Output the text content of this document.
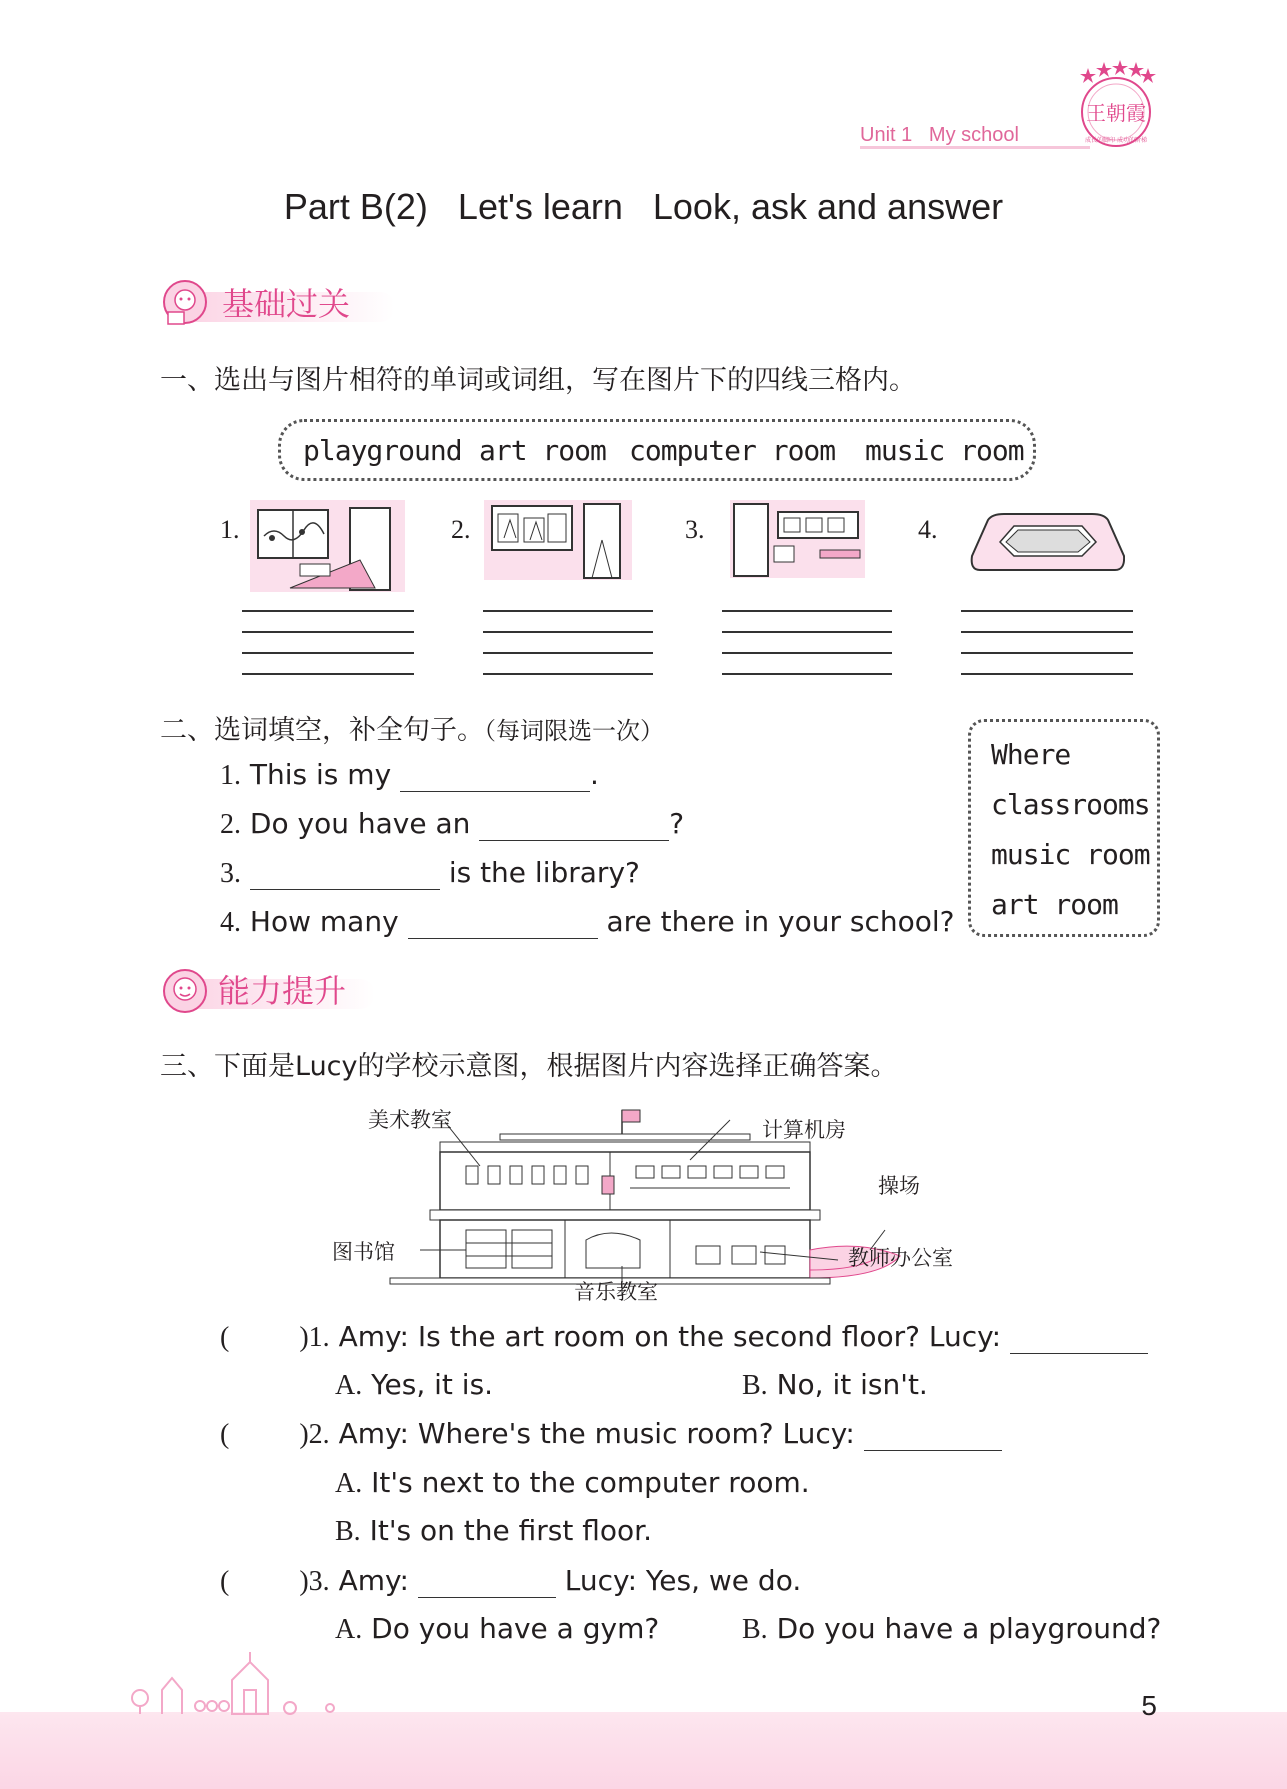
Unit 1 My school
王朝霞
成长的脚印 成功的阶梯
Part B(2)   Let's learn   Look, ask and answer
基础过关
一、选出与图片相符的单词或词组，写在图片下的四线三格内。
playground art room computer room music room
1.	2.	3.	4.
二、选词填空，补全句子。（每词限选一次）
1. This is my	.
2. Do you have an	?
3.	is the library?
4. How many	are there in your school?
Where
classrooms
music room
art room
能力提升
三、下面是Lucy的学校示意图，根据图片内容选择正确答案。
美术教室	计算机房
操场
图书馆	教师办公室
音乐教室
(	)1. Amy: Is the art room on the second floor? Lucy:
A. Yes, it is.	B. No, it isn't.
(	)2. Amy: Where's the music room? Lucy:
A. It's next to the computer room.
B. It's on the first floor.
(	)3. Amy:	Lucy: Yes, we do.
A. Do you have a gym?	B. Do you have a playground?
5
